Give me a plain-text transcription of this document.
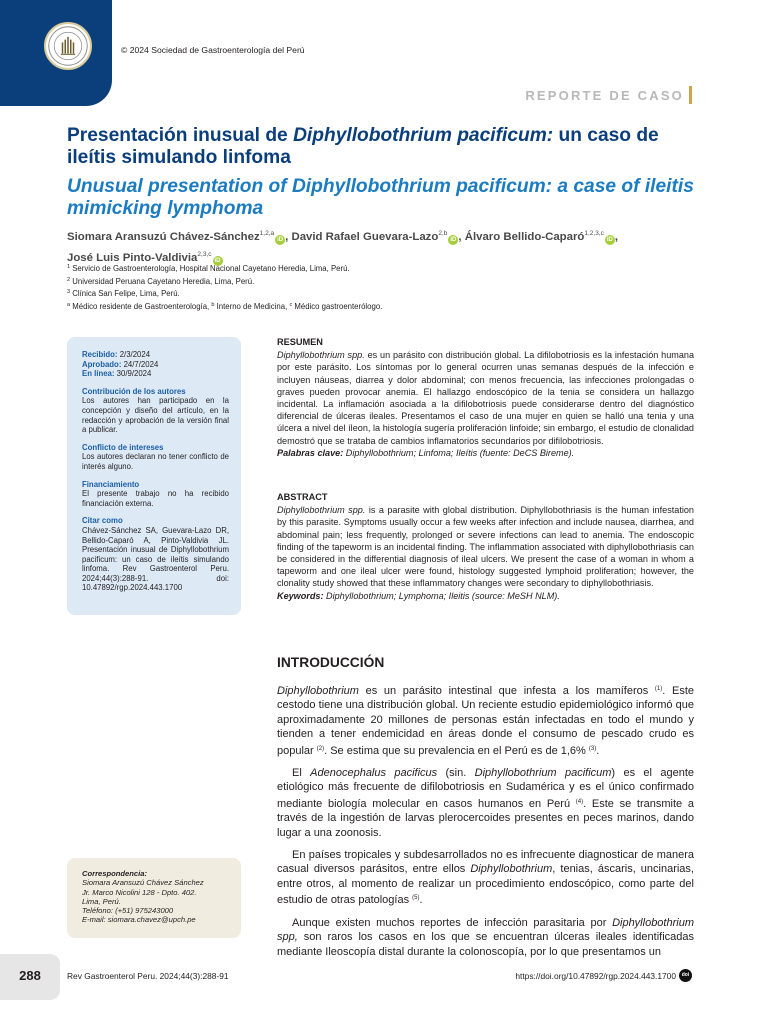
© 2024 Sociedad de Gastroenterología del Perú
REPORTE DE CASO
Presentación inusual de Diphyllobothrium pacificum: un caso de ileítis simulando linfoma
Unusual presentation of Diphyllobothrium pacificum: a case of ileitis mimicking lymphoma
Siomara Aransuzú Chávez-Sánchez$^{1,2,a}$iD , David Rafael Guevara-Lazo$^{2,b}$iD , Álvaro Bellido-Caparó$^{1,2,3,c}$iD ,
José Luis Pinto-Valdivia$^{2,3,c}$iD
$^1$ Servicio de Gastroenterología, Hospital Nacional Cayetano Heredia, Lima, Perú.
$^2$ Universidad Peruana Cayetano Heredia, Lima, Perú.
$^3$ Clínica San Felipe, Lima, Perú.
$^a$ Médico residente de Gastroenterología, $^b$ Interno de Medicina, $^c$ Médico gastroenterólogo.
Recibido: 2/3/2024
Aprobado: 24/7/2024
En línea: 30/9/2024
Contribución de los autores
Los autores han participado en la concepción y diseño del artículo, en la redacción y aprobación de la versión final a publicar.
Conflicto de intereses
Los autores declaran no tener conflicto de interés alguno.
Financiamiento
El presente trabajo no ha recibido financiación externa.
Citar como
Chávez-Sánchez SA, Guevara-Lazo DR, Bellido-Caparó A, Pinto-Valdivia JL. Presentación inusual de Diphyllobothrium pacificum: un caso de ileítis simulando linfoma. Rev Gastroenterol Peru. 2024;44(3):288-91. doi: 10.47892/rgp.2024.443.1700
Correspondencia:
Siomara Aransuzú Chávez Sánchez
Jr. Marco Nicolini 128 - Dpto. 402.
Lima, Perú.
Teléfono: (+51) 975243000
E-mail: siomara.chavez@upch.pe
RESUMEN

Diphyllobothrium spp. es un parásito con distribución global. La difilobotriosis es la infestación humana por este parásito. Los síntomas por lo general ocurren unas semanas después de la infección e incluyen náuseas, diarrea y dolor abdominal; con menos frecuencia, las infecciones prolongadas o graves pueden provocar anemia. El hallazgo endoscópico de la tenia se considera un hallazgo incidental. La inflamación asociada a la difilobotriosis puede considerarse dentro del diagnóstico diferencial de úlceras ileales. Presentamos el caso de una mujer en quien se halló una tenia y una úlcera a nivel del íleon, la histología sugería proliferación linfoide; sin embargo, el estudio de clonalidad demostró que se trataba de cambios inflamatorios secundarios por difilobotriosis.

Palabras clave: Diphyllobothrium; Linfoma; Ileítis (fuente: DeCS Bireme).

ABSTRACT

Diphyllobothrium spp. is a parasite with global distribution. Diphyllobothriasis is the human infestation by this parasite. Symptoms usually occur a few weeks after infection and include nausea, diarrhea, and abdominal pain; less frequently, prolonged or severe infections can lead to anemia. The endoscopic finding of the tapeworm is an incidental finding. The inflammation associated with diphyllobothriasis can be considered in the differential diagnosis of ileal ulcers. We present the case of a woman in whom a tapeworm and one ileal ulcer were found, histology suggested lymphoid proliferation; however, the clonality study showed that these inflammatory changes were secondary to diphyllobothriasis.

Keywords: Diphyllobothrium; Lymphoma; Ileitis (source: MeSH NLM).

INTRODUCCIÓN

Diphyllobothrium es un parásito intestinal que infesta a los mamíferos $^{(1)}$. Este cestodo tiene una distribución global. Un reciente estudio epidemiológico informó que aproximadamente 20 millones de personas están infectadas en todo el mundo y tienden a tener endemicidad en áreas donde el consumo de pescado crudo es popular $^{(2)}$. Se estima que su prevalencia en el Perú es de 1,6% $^{(3)}$.

El Adenocephalus pacificus (sin. Diphyllobothrium pacificum) es el agente etiológico más frecuente de difilobotriosis en Sudamérica y es el único confirmado mediante biología molecular en casos humanos en Perú $^{(4)}$. Este se transmite a través de la ingestión de larvas plerocercoides presentes en peces marinos, dando lugar a una zoonosis.

En países tropicales y subdesarrollados no es infrecuente diagnosticar de manera casual diversos parásitos, entre ellos Diphyllobothrium, tenias, áscaris, uncinarias, entre otros, al momento de realizar un procedimiento endoscópico, como parte del estudio de otras patologías $^{(5)}$.

Aunque existen muchos reportes de infección parasitaria por Diphyllobothrium spp, son raros los casos en los que se encuentran úlceras ileales identificadas mediante Ileoscopía distal durante la colonoscopía, por lo que presentamos un

288	Rev Gastroenterol Peru. 2024;44(3):288-91	https://doi.org/10.47892/rgp.2024.443.1700	doi
